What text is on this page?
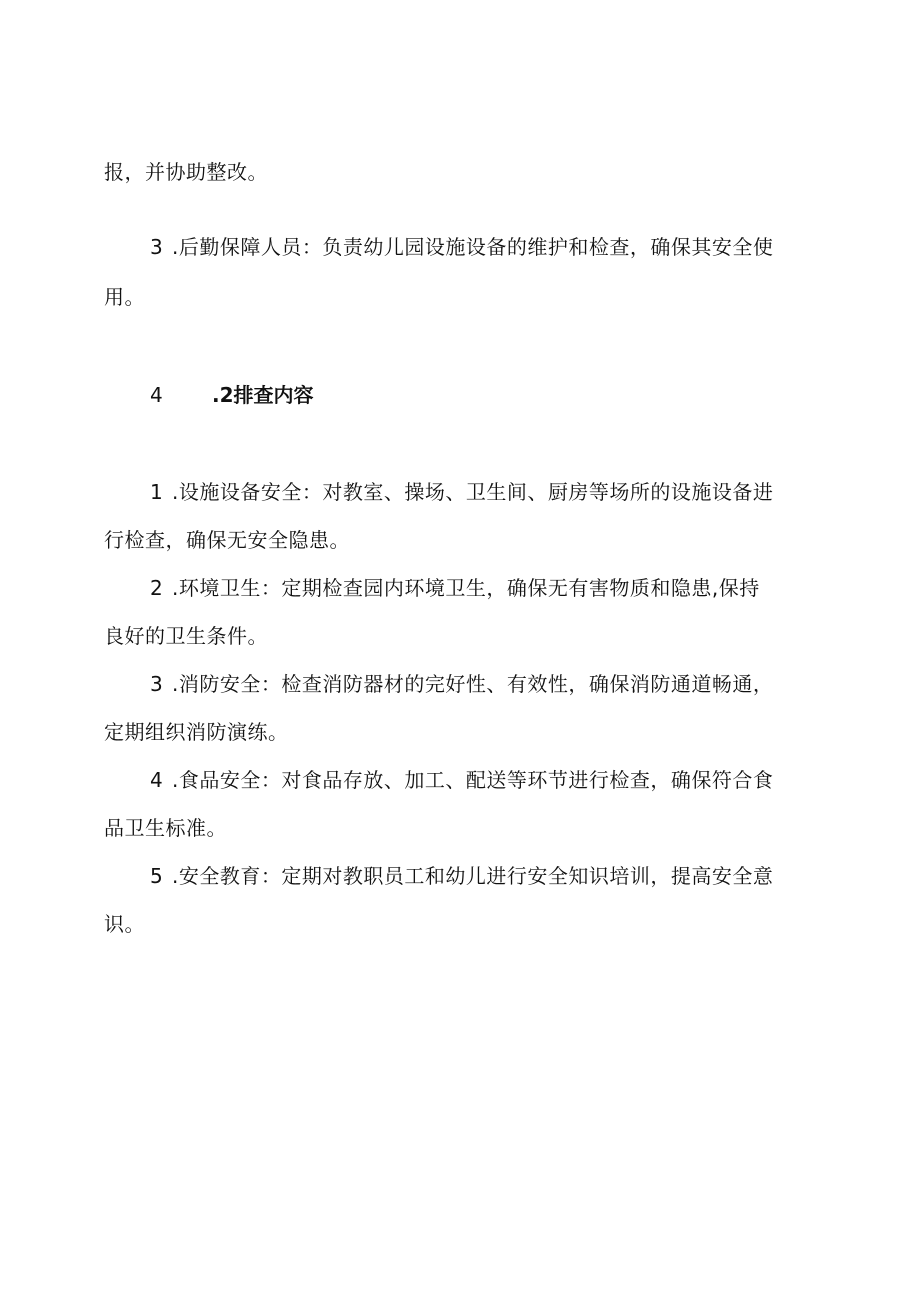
报，并协助整改。
3 .后勤保障人员：负责幼儿园设施设备的维护和检查，确保其安全使
用。
4 .2排查内容
1 .设施设备安全：对教室、操场、卫生间、厨房等场所的设施设备进
行检查，确保无安全隐患。
2 .环境卫生：定期检查园内环境卫生，确保无有害物质和隐患,保持
良好的卫生条件。
3 .消防安全：检查消防器材的完好性、有效性，确保消防通道畅通，
定期组织消防演练。
4 .食品安全：对食品存放、加工、配送等环节进行检查，确保符合食
品卫生标准。
5 .安全教育：定期对教职员工和幼儿进行安全知识培训，提高安全意
识。
